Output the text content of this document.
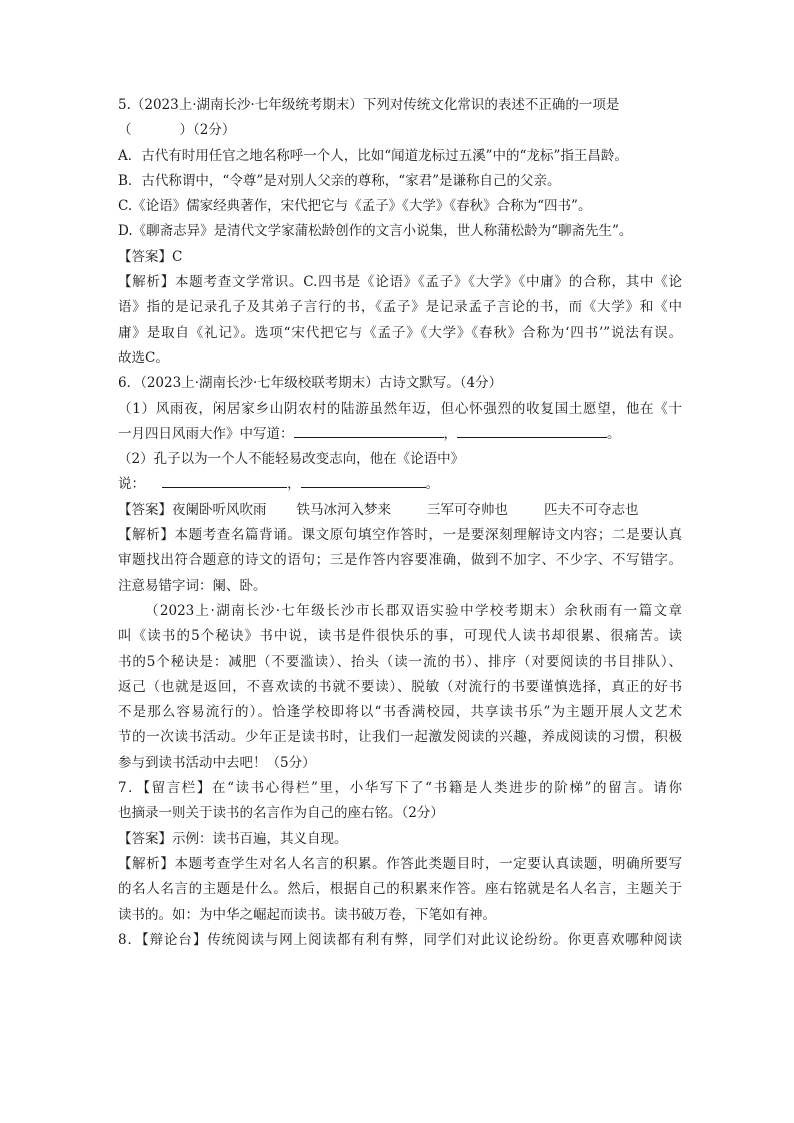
5.（2023上·湖南长沙·七年级统考期末）下列对传统文化常识的表述不正确的一项是
（	）（2分）
A．古代有时用任官之地名称呼一个人，比如“闻道龙标过五溪”中的“龙标”指王昌龄。
B．古代称谓中，“令尊”是对别人父亲的尊称，“家君”是谦称自己的父亲。
C.《论语》儒家经典著作，宋代把它与《孟子》《大学》《春秋》合称为“四书”。
D.《聊斋志异》是清代文学家蒲松龄创作的文言小说集，世人称蒲松龄为“聊斋先生”。
【答案】C
【解析】本题考查文学常识。C.四书是《论语》《孟子》《大学》《中庸》的合称，其中《论
语》指的是记录孔子及其弟子言行的书，《孟子》是记录孟子言论的书，而《大学》和《中
庸》是取自《礼记》。选项“宋代把它与《孟子》《大学》《春秋》合称为‘四书’”说法有误。
故选C。
6．（2023上·湖南长沙·七年级校联考期末）古诗文默写。（4分）
（1）风雨夜，闲居家乡山阴农村的陆游虽然年迈，但心怀强烈的收复国土愿望，他在《十
一月四日风雨大作》中写道：	，	。
（2）孔子以为一个人不能轻易改变志向，他在《论语中》
说：	，	。
【答案】夜阑卧听风吹雨 铁马冰河入梦来	三军可夺帅也	匹夫不可夺志也
【解析】本题考查名篇背诵。课文原句填空作答时，一是要深刻理解诗文内容；二是要认真
审题找出符合题意的诗文的语句；三是作答内容要准确，做到不加字、不少字、不写错字。
注意易错字词：阑、卧。
（2023上·湖南长沙·七年级长沙市长郡双语实验中学校考期末）余秋雨有一篇文章
叫《读书的5个秘诀》书中说，读书是件很快乐的事，可现代人读书却很累、很痛苦。读
书的5个秘诀是：减肥（不要滥读）、抬头（读一流的书）、排序（对要阅读的书目排队）、
返己（也就是返回，不喜欢读的书就不要读）、脱敏（对流行的书要谨慎选择，真正的好书
不是那么容易流行的）。恰逢学校即将以“书香满校园，共享读书乐”为主题开展人文艺术
节的一次读书活动。少年正是读书时，让我们一起激发阅读的兴趣，养成阅读的习惯，积极
参与到读书活动中去吧！（5分）
7．【留言栏】在“读书心得栏”里，小华写下了“书籍是人类进步的阶梯”的留言。请你
也摘录一则关于读书的名言作为自己的座右铭。（2分）
【答案】示例：读书百遍，其义自现。
【解析】本题考查学生对名人名言的积累。作答此类题目时，一定要认真读题，明确所要写
的名人名言的主题是什么。然后，根据自己的积累来作答。座右铭就是名人名言，主题关于
读书的。如：为中华之崛起而读书。读书破万卷，下笔如有神。
8．【辩论台】传统阅读与网上阅读都有利有弊，同学们对此议论纷纷。你更喜欢哪种阅读
